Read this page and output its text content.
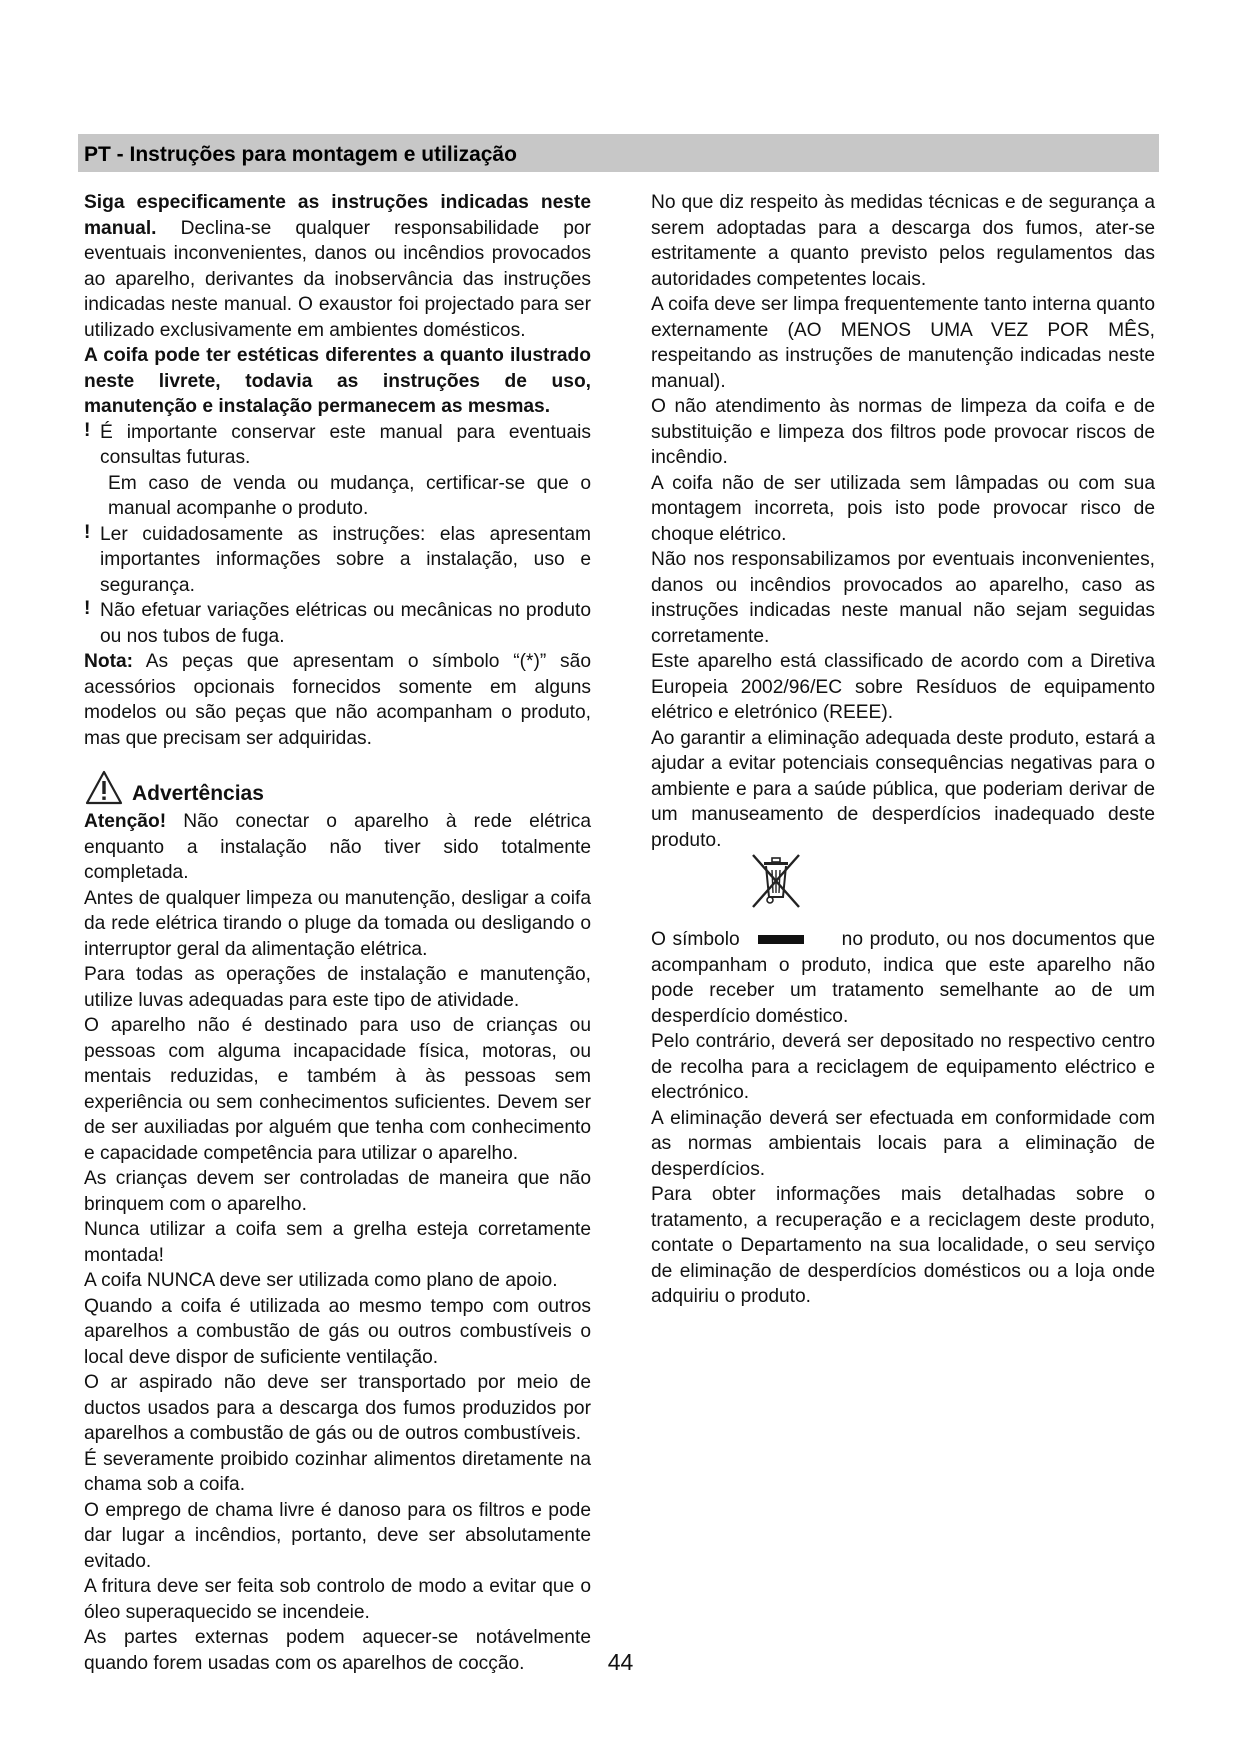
PT - Instruções para montagem e utilização

Siga especificamente as instruções indicadas neste manual. Declina-se qualquer responsabilidade por eventuais inconvenientes, danos ou incêndios provocados ao aparelho, derivantes da inobservância das instruções indicadas neste manual. O exaustor foi projectado para ser utilizado exclusivamente em ambientes domésticos.

A coifa pode ter estéticas diferentes a quanto ilustrado neste livrete, todavia as instruções de uso, manutenção e instalação permanecem as mesmas.

! É importante conservar este manual para eventuais consultas futuras.

Em caso de venda ou mudança, certificar-se que o manual acompanhe o produto.

! Ler cuidadosamente as instruções: elas apresentam importantes informações sobre a instalação, uso e segurança.
! Não efetuar variações elétricas ou mecânicas no produto ou nos tubos de fuga.

Nota: As peças que apresentam o símbolo “(*)” são acessórios opcionais fornecidos somente em alguns modelos ou são peças que não acompanham o produto, mas que precisam ser adquiridas.

Advertências

Atenção! Não conectar o aparelho à rede elétrica enquanto a instalação não tiver sido totalmente completada.

Antes de qualquer limpeza ou manutenção, desligar a coifa da rede elétrica tirando o pluge da tomada ou desligando o interruptor geral da alimentação elétrica.

Para todas as operações de instalação e manutenção, utilize luvas adequadas para este tipo de atividade.

O aparelho não é destinado para uso de crianças ou pessoas com alguma incapacidade física, motoras, ou mentais reduzidas, e também à às pessoas sem experiência ou sem conhecimentos suficientes. Devem ser de ser auxiliadas por alguém que tenha com conhecimento e capacidade competência para utilizar o aparelho.

As crianças devem ser controladas de maneira que não brinquem com o aparelho.

Nunca utilizar a coifa sem a grelha esteja corretamente montada!

A coifa NUNCA deve ser utilizada como plano de apoio.

Quando a coifa é utilizada ao mesmo tempo com outros aparelhos a combustão de gás ou outros combustíveis o local deve dispor de suficiente ventilação.

O ar aspirado não deve ser transportado por meio de ductos usados para a descarga dos fumos produzidos por aparelhos a combustão de gás ou de outros combustíveis.

É severamente proibido cozinhar alimentos diretamente na chama sob a coifa.

O emprego de chama livre é danoso para os filtros e pode dar lugar a incêndios, portanto, deve ser absolutamente evitado.

A fritura deve ser feita sob controlo de modo a evitar que o óleo superaquecido se incendeie.

As partes externas podem aquecer-se notávelmente quando forem usadas com os aparelhos de cocção.

No que diz respeito às medidas técnicas e de segurança a serem adoptadas para a descarga dos fumos, ater-se estritamente a quanto previsto pelos regulamentos das autoridades competentes locais.

A coifa deve ser limpa frequentemente tanto interna quanto externamente (AO MENOS UMA VEZ POR MÊS, respeitando as instruções de manutenção indicadas neste manual).

O não atendimento às normas de limpeza da coifa e de substituição e limpeza dos filtros pode provocar riscos de incêndio.

A coifa não de ser utilizada sem lâmpadas ou com sua montagem incorreta, pois isto pode provocar risco de choque elétrico.

Não nos responsabilizamos por eventuais inconvenientes, danos ou incêndios provocados ao aparelho, caso as instruções indicadas neste manual não sejam seguidas corretamente.

Este aparelho está classificado de acordo com a Diretiva Europeia 2002/96/EC sobre Resíduos de equipamento elétrico e eletrónico (REEE).

Ao garantir a eliminação adequada deste produto, estará a ajudar a evitar potenciais consequências negativas para o ambiente e para a saúde pública, que poderiam derivar de um manuseamento de desperdícios inadequado deste produto.

O símbolo	no produto, ou nos documentos que acompanham o produto, indica que este aparelho não pode receber um tratamento semelhante ao de um desperdício doméstico.

Pelo contrário, deverá ser depositado no respectivo centro de recolha para a reciclagem de equipamento eléctrico e electrónico.

A eliminação deverá ser efectuada em conformidade com as normas ambientais locais para a eliminação de desperdícios.

Para obter informações mais detalhadas sobre o tratamento, a recuperação e a reciclagem deste produto, contate o Departamento na sua localidade, o seu serviço de eliminação de desperdícios domésticos ou a loja onde adquiriu o produto.

44
